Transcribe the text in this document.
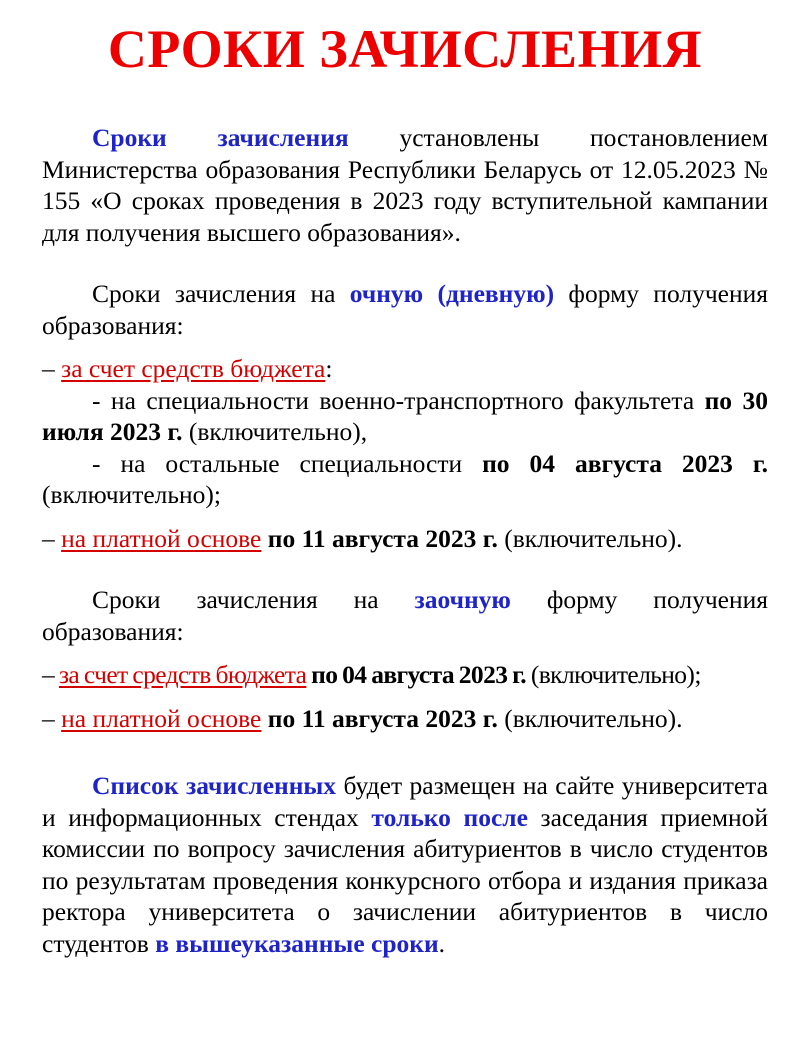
СРОКИ ЗАЧИСЛЕНИЯ

Сроки зачисления установлены постановлением Министерства образования Республики Беларусь от 12.05.2023 № 155 «О сроках проведения в 2023 году вступительной кампании для получения высшего образования».

Сроки зачисления на очную (дневную) форму получения образования:

– за счет средств бюджета:

- на специальности военно-транспортного факультета по 30 июля 2023 г. (включительно),

- на остальные специальности по 04 августа 2023 г. (включительно);

– на платной основе по 11 августа 2023 г. (включительно).

Сроки зачисления на заочную форму получения образования:

– за счет средств бюджета по 04 августа 2023 г. (включительно);

– на платной основе по 11 августа 2023 г. (включительно).

Список зачисленных будет размещен на сайте университета и информационных стендах только после заседания приемной комиссии по вопросу зачисления абитуриентов в число студентов по результатам проведения конкурсного отбора и издания приказа ректора университета о зачислении абитуриентов в число студентов в вышеуказанные сроки.
